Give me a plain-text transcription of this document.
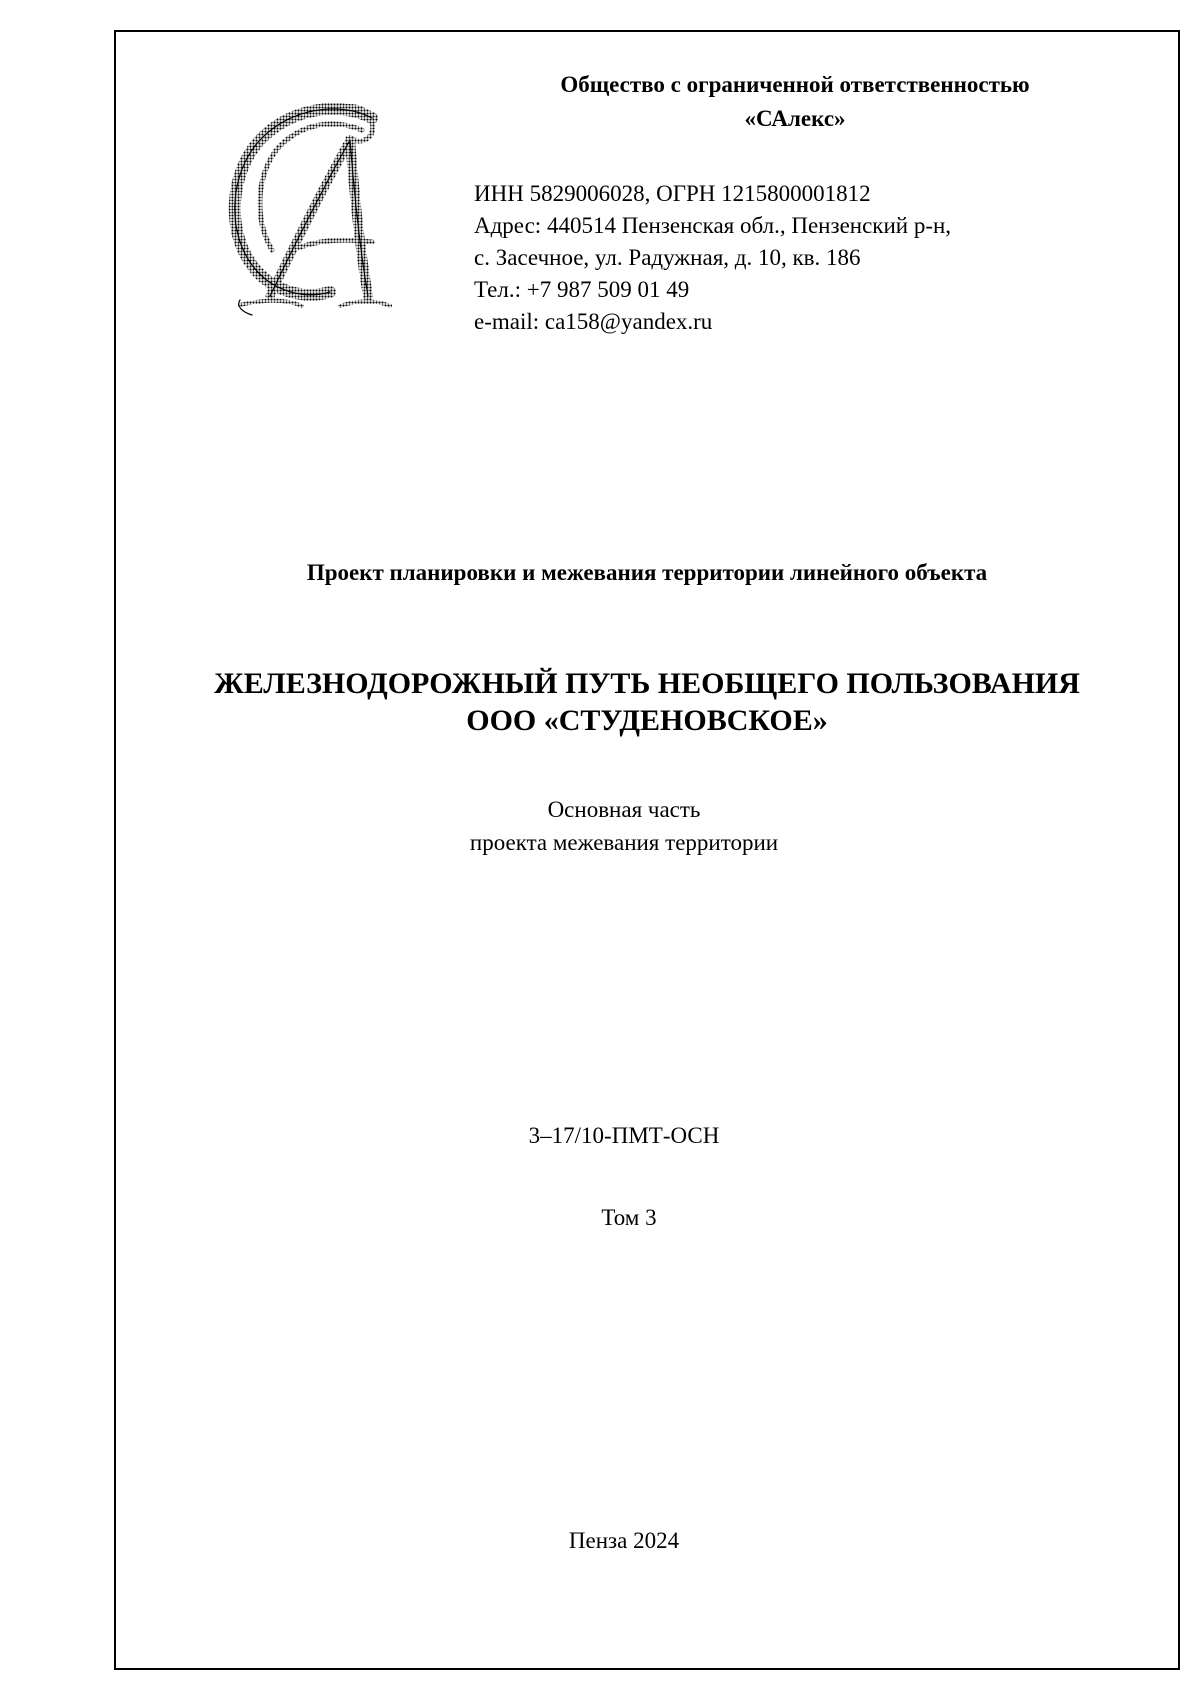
Общество с ограниченной ответственностью
«САлекс»
ИНН 5829006028, ОГРН 1215800001812
Адрес: 440514 Пензенская обл., Пензенский р-н,
с. Засечное, ул. Радужная, д. 10, кв. 186
Тел.: +7 987 509 01 49
e-mail: ca158@yandex.ru

Проект планировки и межевания территории линейного объекта

ЖЕЛЕЗНОДОРОЖНЫЙ ПУТЬ НЕОБЩЕГО ПОЛЬЗОВАНИЯ
ООО «СТУДЕНОВСКОЕ»
Основная часть
проекта межевания территории

3–17/10-ПМТ-ОСН

Том 3

Пенза 2024
